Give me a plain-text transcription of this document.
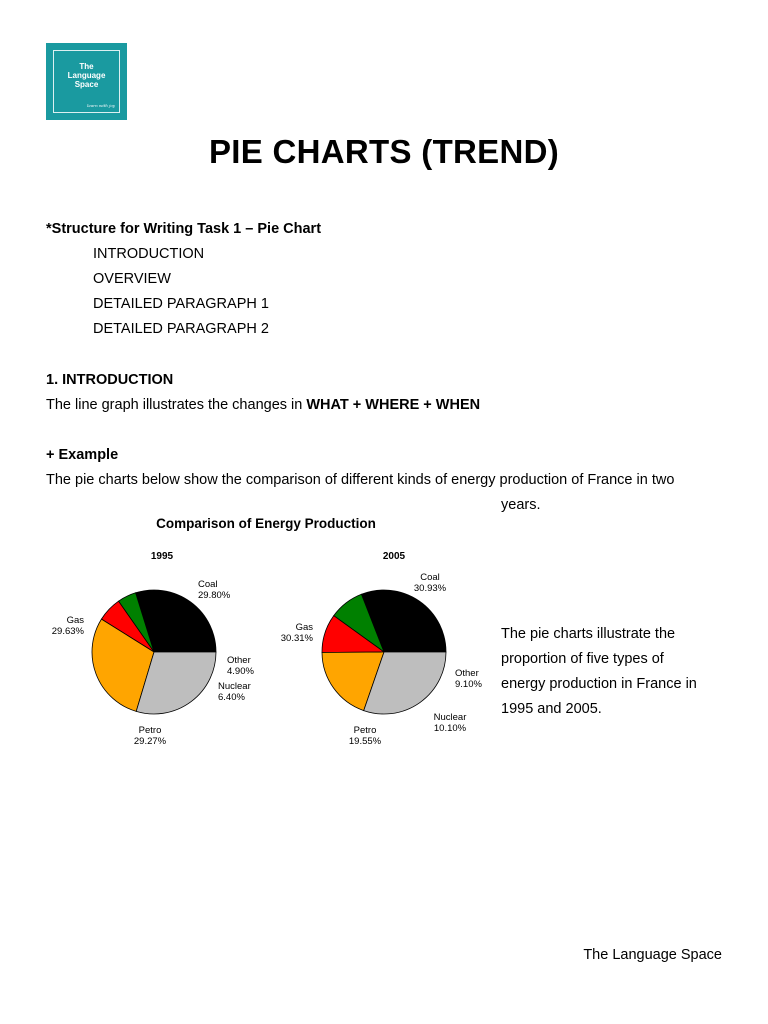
The
Language
Space
learn with joy
PIE CHARTS (TREND)
*Structure for Writing Task 1 – Pie Chart
INTRODUCTION
OVERVIEW
DETAILED PARAGRAPH 1
DETAILED PARAGRAPH 2
1. INTRODUCTION
The line graph illustrates the changes in WHAT + WHERE + WHEN
+ Example
The pie charts below show the comparison of different kinds of energy production of France in two
years.
Comparison of Energy Production
1995	2005
Coal
29.80%
Other
4.90%
Nuclear
6.40%
Petro
29.27%
Gas
29.63%
Coal
30.93%
Other
9.10%
Nuclear
10.10%
Petro
19.55%
Gas
30.31%	The pie charts illustrate the
proportion of five types of
energy production in France in
1995 and 2005.
The Language Space
